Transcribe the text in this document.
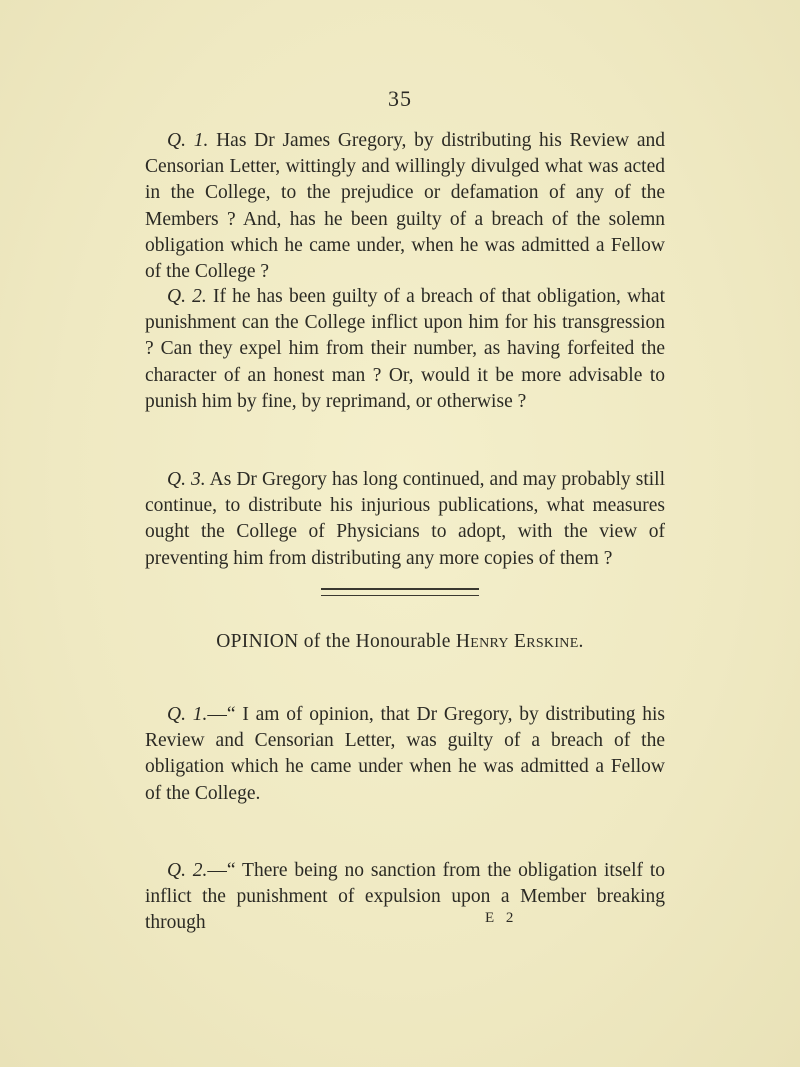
35

Q. 1. Has Dr James Gregory, by distributing his Review and Censorian Letter, wittingly and willingly divulged what was acted in the College, to the prejudice or defamation of any of the Members ? And, has he been guilty of a breach of the solemn obligation which he came under, when he was admitted a Fellow of the College ?

Q. 2. If he has been guilty of a breach of that obligation, what punishment can the College inflict upon him for his transgression ? Can they expel him from their number, as having forfeited the character of an honest man ? Or, would it be more advisable to punish him by fine, by reprimand, or otherwise ?

Q. 3. As Dr Gregory has long continued, and may probably still continue, to distribute his injurious publications, what measures ought the College of Physicians to adopt, with the view of preventing him from distributing any more copies of them ?

OPINION of the Honourable Henry Erskine.

Q. 1.—“ I am of opinion, that Dr Gregory, by distributing his Review and Censorian Letter, was guilty of a breach of the obligation which he came under when he was admitted a Fellow of the College.

Q. 2.—“ There being no sanction from the obligation itself to inflict the punishment of expulsion upon a Member breaking through	E 2
